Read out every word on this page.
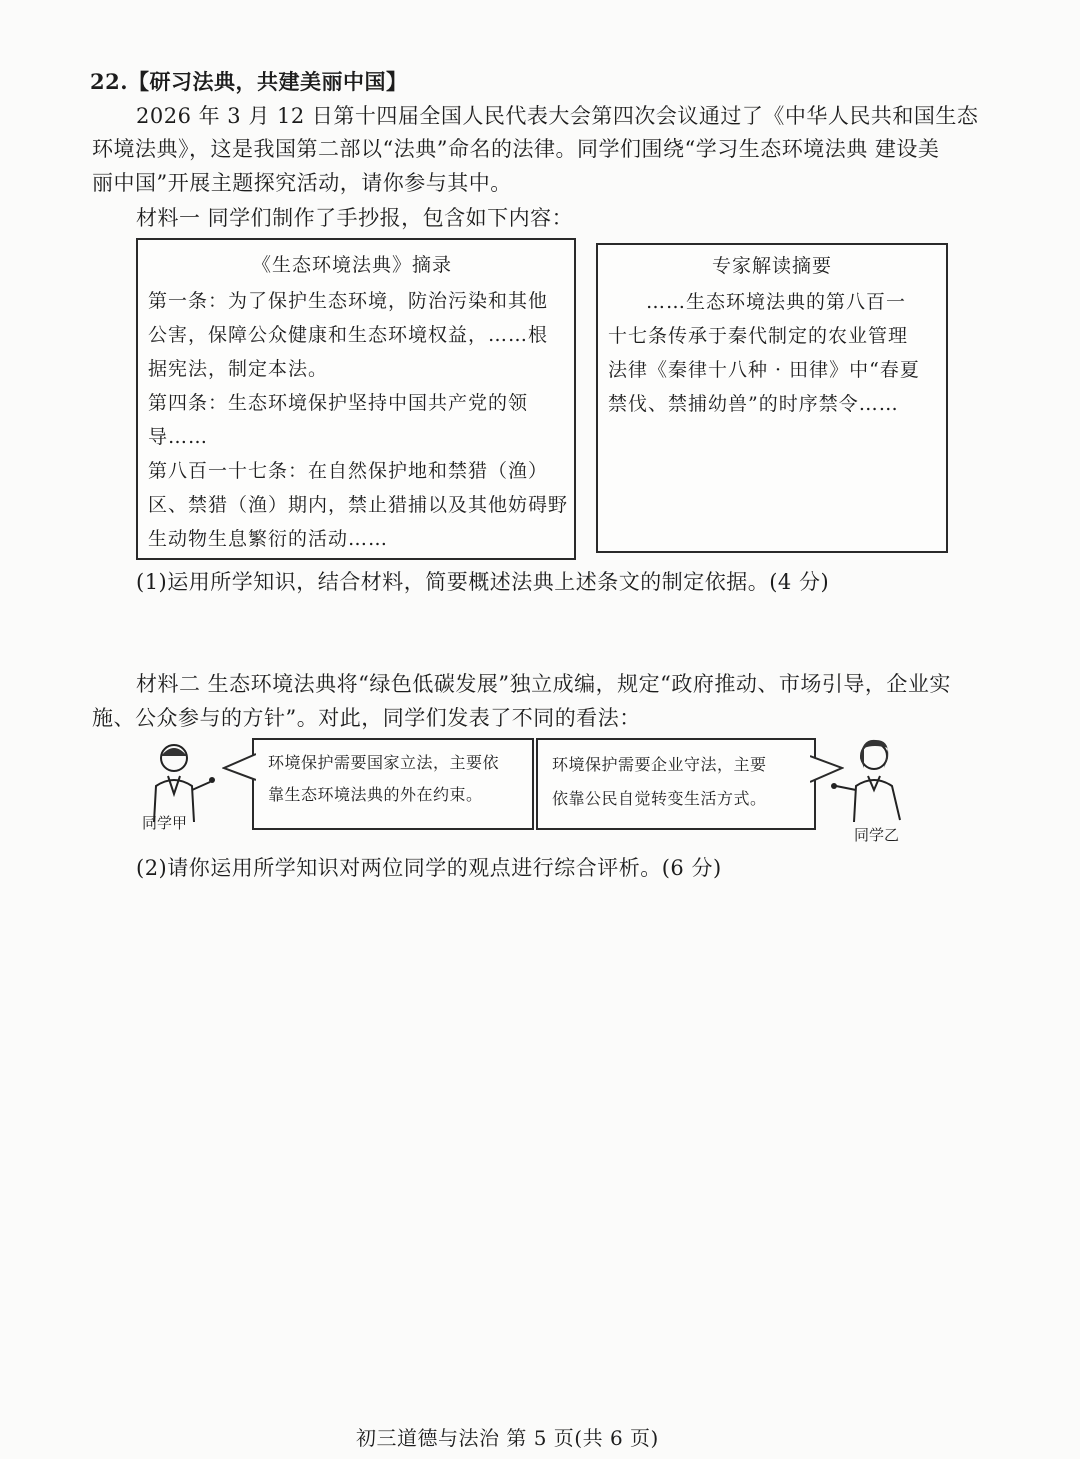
22.【研习法典，共建美丽中国】
2026 年 3 月 12 日第十四届全国人民代表大会第四次会议通过了《中华人民共和国生态
环境法典》，这是我国第二部以“法典”命名的法律。同学们围绕“学习生态环境法典 建设美
丽中国”开展主题探究活动，请你参与其中。
材料一 同学们制作了手抄报，包含如下内容：
《生态环境法典》摘录
第一条：为了保护生态环境，防治污染和其他
公害，保障公众健康和生态环境权益，……根
据宪法，制定本法。
第四条：生态环境保护坚持中国共产党的领
导……
第八百一十七条：在自然保护地和禁猎（渔）
区、禁猎（渔）期内，禁止猎捕以及其他妨碍野
生动物生息繁衍的活动……
专家解读摘要
……生态环境法典的第八百一
十七条传承于秦代制定的农业管理
法律《秦律十八种 · 田律》中“春夏
禁伐、禁捕幼兽”的时序禁令……
(1)运用所学知识，结合材料，简要概述法典上述条文的制定依据。(4 分)
材料二 生态环境法典将“绿色低碳发展”独立成编，规定“政府推动、市场引导，企业实
施、公众参与的方针”。对此，同学们发表了不同的看法：
同学甲
环境保护需要国家立法，主要依
靠生态环境法典的外在约束。
环境保护需要企业守法，主要
依靠公民自觉转变生活方式。
同学乙
(2)请你运用所学知识对两位同学的观点进行综合评析。(6 分)
初三道德与法治 第 5 页(共 6 页)
